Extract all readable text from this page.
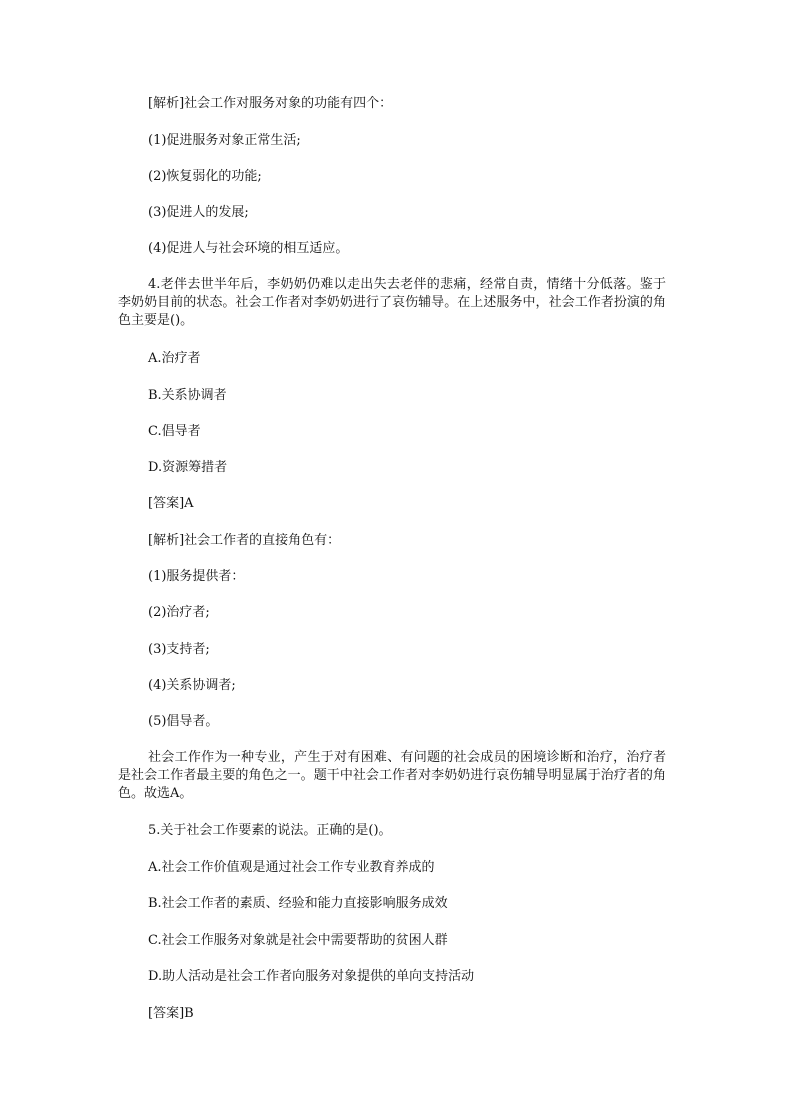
[解析]社会工作对服务对象的功能有四个：
(1)促进服务对象正常生活;
(2)恢复弱化的功能;
(3)促进人的发展;
(4)促进人与社会环境的相互适应。

4.老伴去世半年后，李奶奶仍难以走出失去老伴的悲痛，经常自责，情绪十分低落。鉴于李奶奶目前的状态。社会工作者对李奶奶进行了哀伤辅导。在上述服务中，社会工作者扮演的角色主要是()。

A.治疗者
B.关系协调者
C.倡导者
D.资源筹措者
[答案]A
[解析]社会工作者的直接角色有：
(1)服务提供者：
(2)治疗者;
(3)支持者;
(4)关系协调者;
(5)倡导者。

社会工作作为一种专业，产生于对有困难、有问题的社会成员的困境诊断和治疗，治疗者是社会工作者最主要的角色之一。题干中社会工作者对李奶奶进行哀伤辅导明显属于治疗者的角色。故选A。

5.关于社会工作要素的说法。正确的是()。
A.社会工作价值观是通过社会工作专业教育养成的
B.社会工作者的素质、经验和能力直接影响服务成效
C.社会工作服务对象就是社会中需要帮助的贫困人群
D.助人活动是社会工作者向服务对象提供的单向支持活动
[答案]B
